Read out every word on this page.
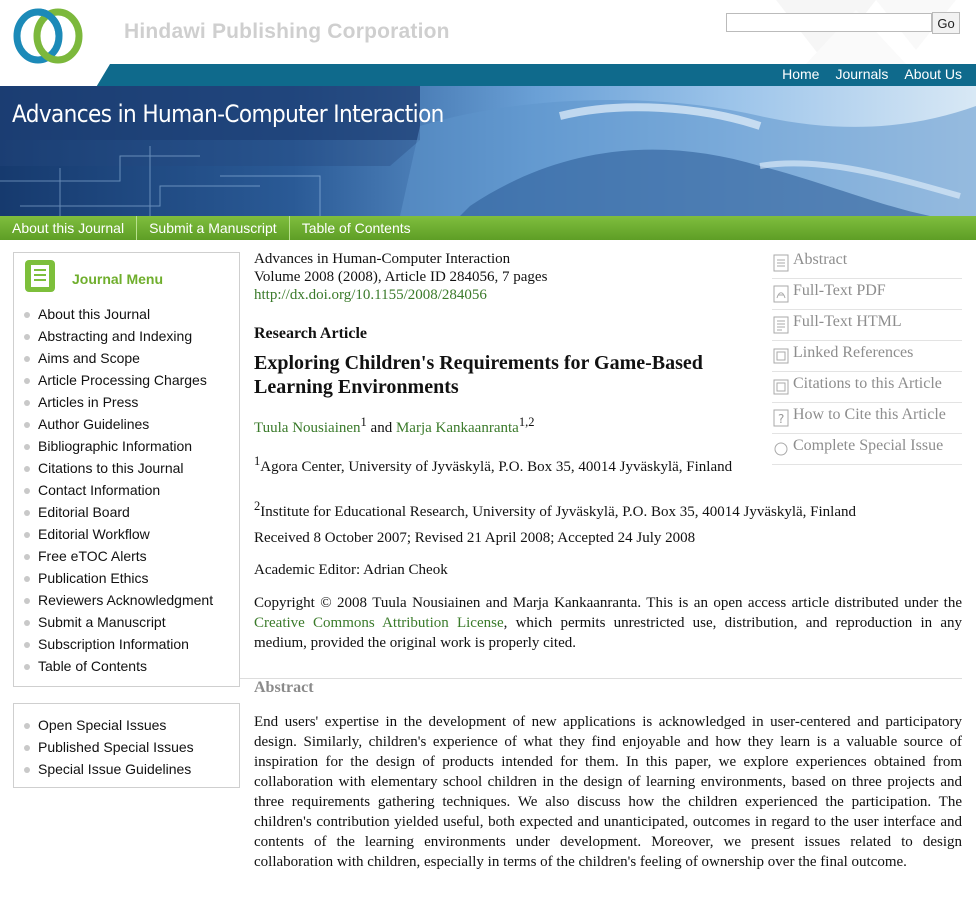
Hindawi Publishing Corporation	Go
Home Journals About Us
Advances in Human-Computer Interaction
About this Journal	Submit a Manuscript	Table of Contents
Journal Menu
About this Journal
Abstracting and Indexing
Aims and Scope
Article Processing Charges
Articles in Press
Author Guidelines
Bibliographic Information
Citations to this Journal
Contact Information
Editorial Board
Editorial Workflow
Free eTOC Alerts
Publication Ethics
Reviewers Acknowledgment
Submit a Manuscript
Subscription Information
Table of Contents
Open Special Issues
Published Special Issues
Special Issue Guidelines
Advances in Human-Computer Interaction
Volume 2008 (2008), Article ID 284056, 7 pages
http://dx.doi.org/10.1155/2008/284056
Research Article
Exploring Children's Requirements for Game-Based Learning Environments
Tuula Nousiainen$^1$ and Marja Kankaanranta$^{1,2}$
$^1$Agora Center, University of Jyväskylä, P.O. Box 35, 40014 Jyväskylä, Finland
$^2$Institute for Educational Research, University of Jyväskylä, P.O. Box 35, 40014 Jyväskylä, Finland
Received 8 October 2007; Revised 21 April 2008; Accepted 24 July 2008
Academic Editor: Adrian Cheok
Copyright © 2008 Tuula Nousiainen and Marja Kankaanranta. This is an open access article distributed under the Creative Commons Attribution License, which permits unrestricted use, distribution, and reproduction in any medium, provided the original work is properly cited.
Abstract
End users' expertise in the development of new applications is acknowledged in user-centered and participatory design. Similarly, children's experience of what they find enjoyable and how they learn is a valuable source of inspiration for the design of products intended for them. In this paper, we explore experiences obtained from collaboration with elementary school children in the design of learning environments, based on three projects and three requirements gathering techniques. We also discuss how the children experienced the participation. The children's contribution yielded useful, both expected and unanticipated, outcomes in regard to the user interface and contents of the learning environments under development. Moreover, we present issues related to design collaboration with children, especially in terms of the children's feeling of ownership over the final outcome.
Abstract
Full-Text PDF
Full-Text HTML
Linked References
Citations to this Article
? How to Cite this Article
Complete Special Issue
